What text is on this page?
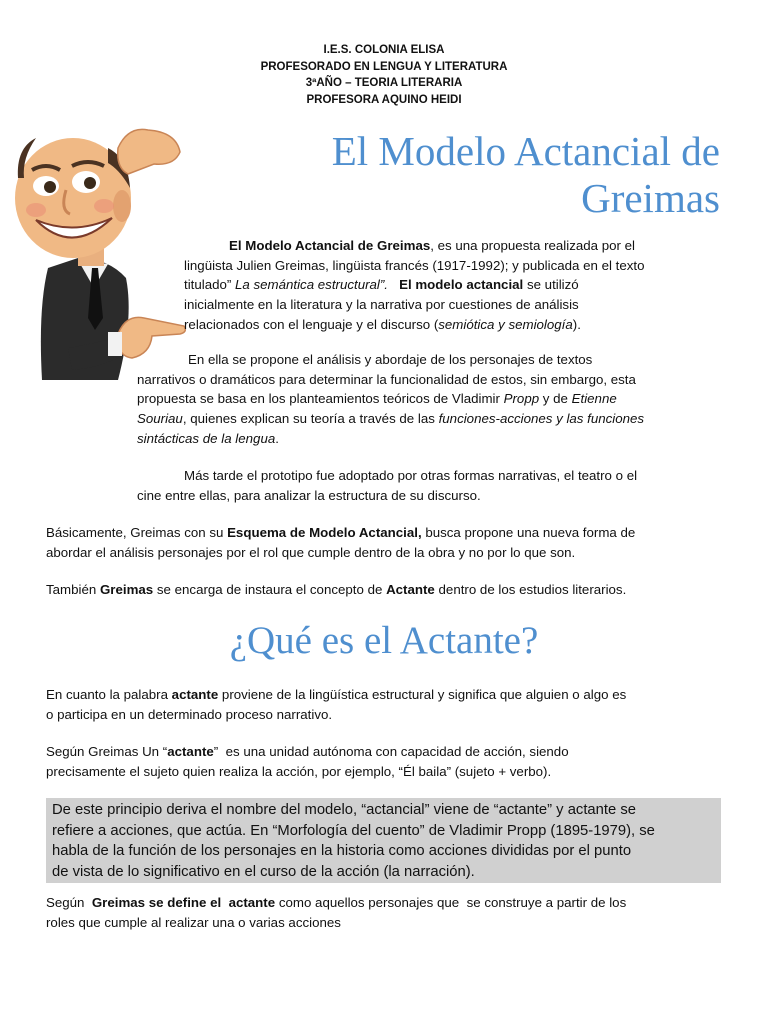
I.E.S. COLONIA ELISA
PROFESORADO EN LENGUA Y LITERATURA
3ªAÑO – TEORIA LITERARIA
PROFESORA AQUINO HEIDI
El Modelo Actancial de
Greimas
El Modelo Actancial de Greimas, es una propuesta realizada por el
lingüista Julien Greimas, lingüista francés (1917-1992); y publicada en el texto
titulado” La semántica estructural”. El modelo actancial se utilizó
inicialmente en la literatura y la narrativa por cuestiones de análisis
relacionados con el lenguaje y el discurso (semiótica y semiología).
En ella se propone el análisis y abordaje de los personajes de textos
narrativos o dramáticos para determinar la funcionalidad de estos, sin embargo, esta
propuesta se basa en los planteamientos teóricos de Vladimir Propp y de Etienne
Souriau, quienes explican su teoría a través de las funciones-acciones y las funciones
sintácticas de la lengua.
Más tarde el prototipo fue adoptado por otras formas narrativas, el teatro o el
cine entre ellas, para analizar la estructura de su discurso.
Básicamente, Greimas con su Esquema de Modelo Actancial, busca propone una nueva forma de
abordar el análisis personajes por el rol que cumple dentro de la obra y no por lo que son.
También Greimas se encarga de instaura el concepto de Actante dentro de los estudios literarios.
¿Qué es el Actante?
En cuanto la palabra actante proviene de la lingüística estructural y significa que alguien o algo es
o participa en un determinado proceso narrativo.
Según Greimas Un “actante”  es una unidad autónoma con capacidad de acción, siendo
precisamente el sujeto quien realiza la acción, por ejemplo, “Él baila” (sujeto + verbo).
De este principio deriva el nombre del modelo, “actancial” viene de “actante” y actante se
refiere a acciones, que actúa. En “Morfología del cuento” de Vladimir Propp (1895-1979), se
habla de la función de los personajes en la historia como acciones divididas por el punto
de vista de lo significativo en el curso de la acción (la narración).
Según  Greimas se define el  actante como aquellos personajes que  se construye a partir de los
roles que cumple al realizar una o varias acciones
